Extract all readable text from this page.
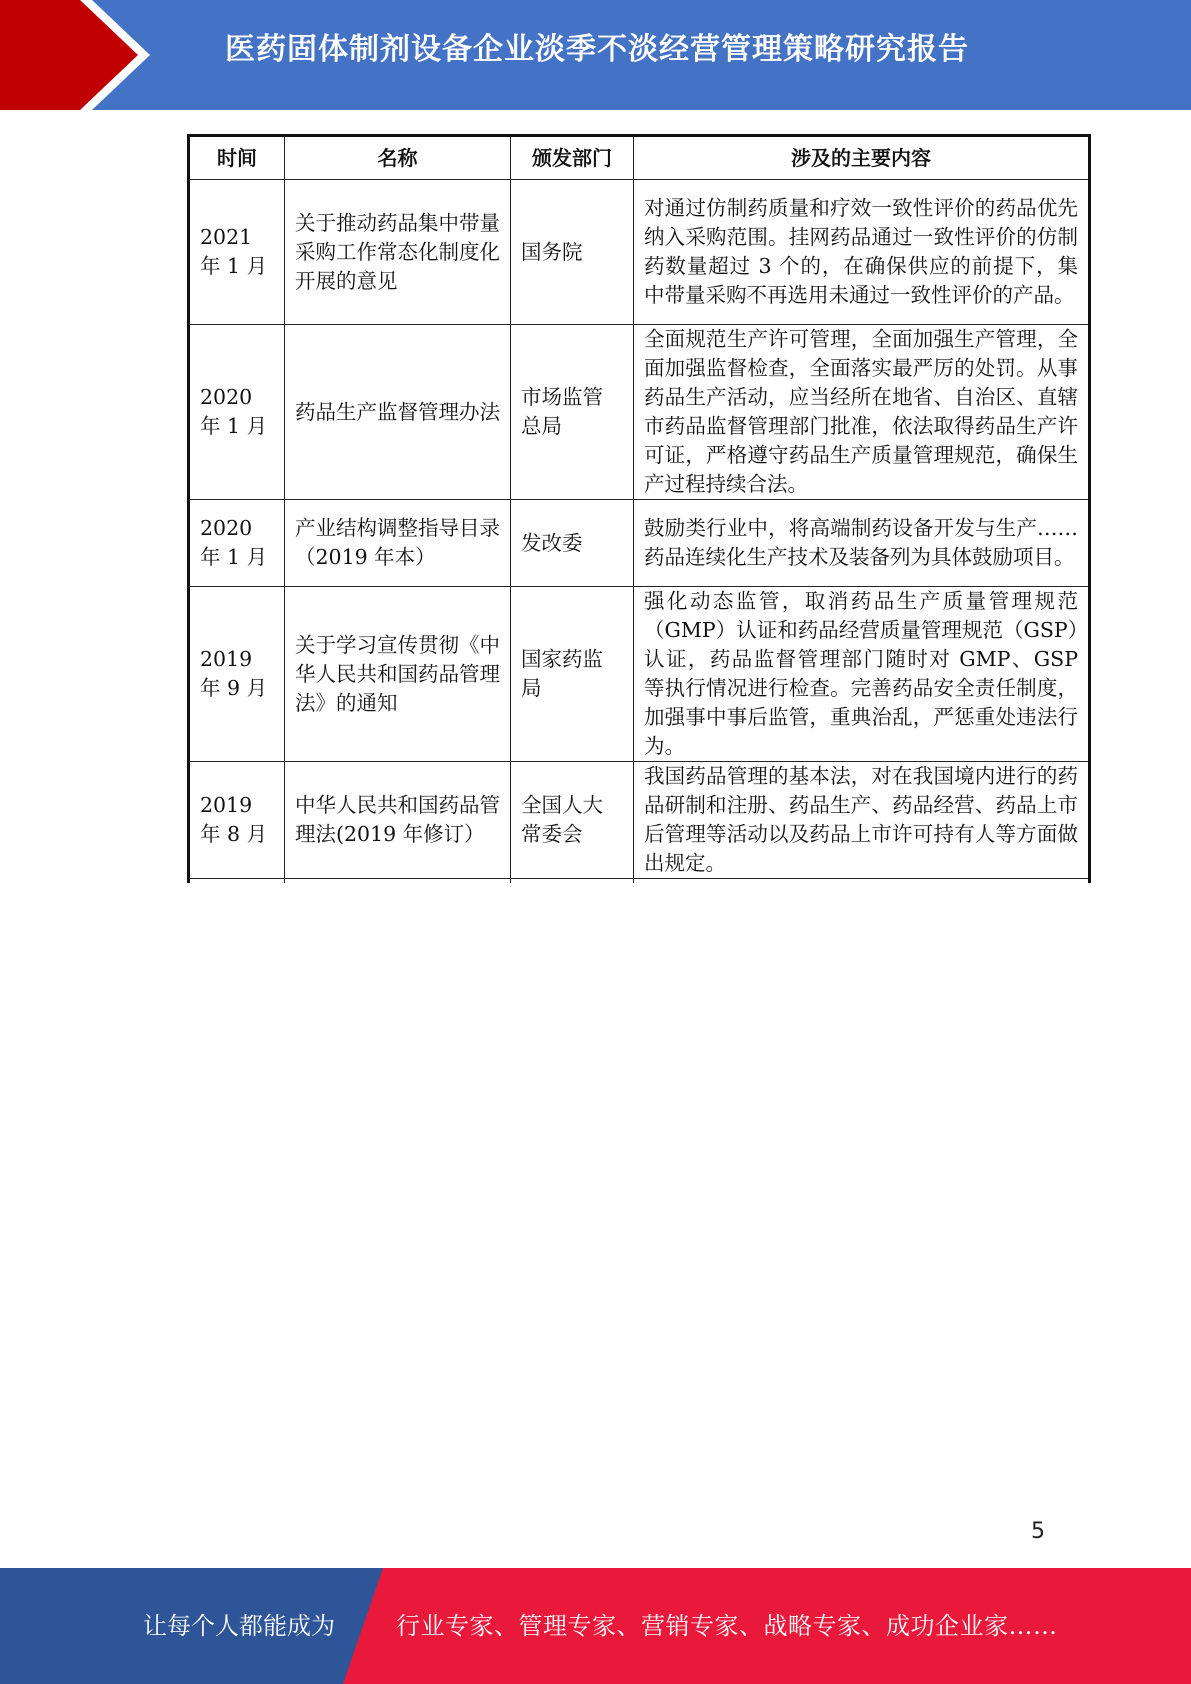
医药固体制剂设备企业淡季不淡经营管理策略研究报告
时间	名称	颁发部门	涉及的主要内容
2021 年 1 月	关于推动药品集中带量采购工作常态化制度化开展的意见	国务院	对通过仿制药质量和疗效一致性评价的药品优先纳入采购范围。挂网药品通过一致性评价的仿制药数量超过 3 个的，在确保供应的前提下，集中带量采购不再选用未通过一致性评价的产品。
2020 年 1 月	药品生产监督管理办法	市场监管总局	全面规范生产许可管理，全面加强生产管理，全面加强监督检查，全面落实最严厉的处罚。从事药品生产活动，应当经所在地省、自治区、直辖市药品监督管理部门批准，依法取得药品生产许可证，严格遵守药品生产质量管理规范，确保生产过程持续合法。
2020 年 1 月	产业结构调整指导目录（2019 年本）	发改委	鼓励类行业中，将高端制药设备开发与生产……药品连续化生产技术及装备列为具体鼓励项目。
2019 年 9 月	关于学习宣传贯彻《中华人民共和国药品管理法》的通知	国家药监局	强化动态监管，取消药品生产质量管理规范（GMP）认证和药品经营质量管理规范（GSP）认证，药品监督管理部门随时对 GMP、GSP 等执行情况进行检查。完善药品安全责任制度，加强事中事后监管，重典治乱，严惩重处违法行为。
2019 年 8 月	中华人民共和国药品管理法(2019 年修订）	全国人大常委会	我国药品管理的基本法，对在我国境内进行的药品研制和注册、药品生产、药品经营、药品上市后管理等活动以及药品上市许可持有人等方面做出规定。

5
让每个人都能成为	行业专家、管理专家、营销专家、战略专家、成功企业家……
